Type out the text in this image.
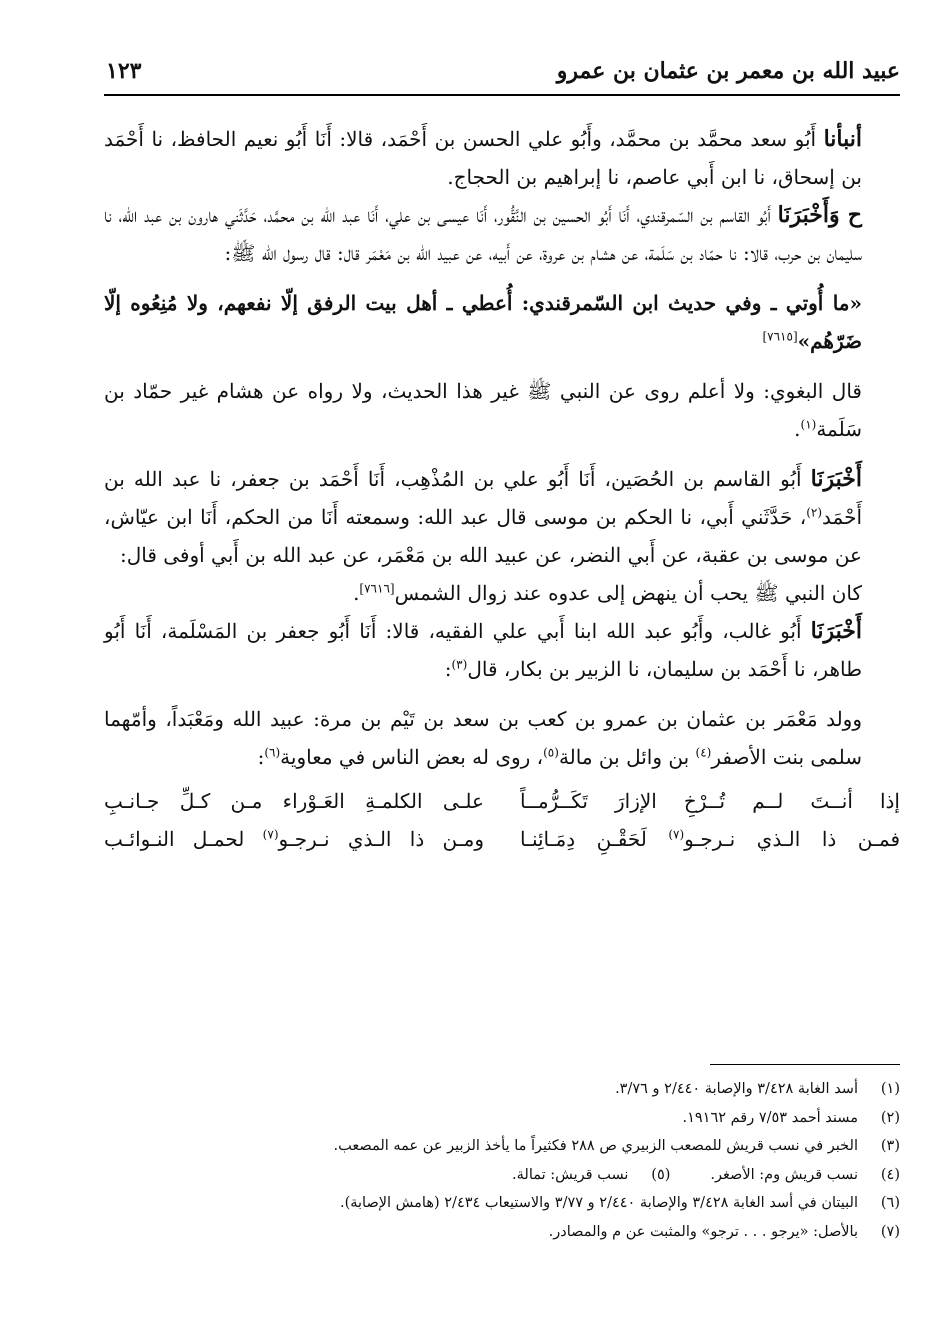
عبيد الله بن معمر بن عثمان بن عمرو
١٢٣

أنبأنا أَبُو سعد محمَّد بن محمَّد، وأَبُو علي الحسن بن أَحْمَد، قالا: أَنَا أَبُو نعيم الحافظ، نا أَحْمَد بن إسحاق، نا ابن أَبي عاصم، نا إبراهيم بن الحجاج.

ح وَأَخْبَرَنَا أَبُو القاسم بن السّمرقندي، أَنَا أَبُو الحسين بن النَّقُّور، أَنَا عيسى بن علي، أَنَا عبد الله بن محمَّد، حَدَّثَني هارون بن عبد الله، نا سليمان بن حرب، قالا: نا حمّاد بن سَلَمة، عن هشام بن عروة، عن أَبيه، عن عبيد الله بن مَعْمَر قال: قال رسول الله ﷺ:

«ما أُوتي ـ وفي حديث ابن السّمرقندي: أُعطي ـ أهل بيت الرفق إلّا نفعهم، ولا مُنِعُوه إلّا ضَرّهُم»[٧٦١٥]

قال البغوي: ولا أعلم روى عن النبي ﷺ غير هذا الحديث، ولا رواه عن هشام غير حمّاد بن سَلَمة$^{(١)}$.

أَخْبَرَنَا أَبُو القاسم بن الحُصَين، أَنَا أَبُو علي بن المُذْهِب، أَنَا أَحْمَد بن جعفر، نا عبد الله بن أَحْمَد$^{(٢)}$، حَدَّثَني أَبي، نا الحكم بن موسى قال عبد الله: وسمعته أَنَا من الحكم، أَنَا ابن عيّاش، عن موسى بن عقبة، عن أَبي النضر، عن عبيد الله بن مَعْمَر، عن عبد الله بن أَبي أوفى قال:

كان النبي ﷺ يحب أن ينهض إلى عدوه عند زوال الشمس[٧٦١٦].

أَخْبَرَنَا أَبُو غالب، وأَبُو عبد الله ابنا أَبي علي الفقيه، قالا: أَنَا أَبُو جعفر بن المَسْلَمة، أَنَا أَبُو طاهر، نا أَحْمَد بن سليمان، نا الزبير بن بكار، قال$^{(٣)}$:

وولد مَعْمَر بن عثمان بن عمرو بن كعب بن سعد بن تَيْم بن مرة: عبيد الله ومَعْبَداً، وأمّهما سلمى بنت الأصفر$^{(٤)}$ بن وائل بن مالة$^{(٥)}$، روى له بعض الناس في معاوية$^{(٦)}$:

إذا أنــتَ لــم تُــرْخِ الإزارَ تَكَــرُّمــاً
علـى الكلمـةِ العَـوْراء مـن كـلِّ جـانـبِ
فمـن ذا الـذي نـرجـو$^{(٧)}$ لَحَقْـنِ دِمَـائِنـا
ومـن ذا الـذي نـرجـو$^{(٧)}$ لحمـل النـوائـب
(١)أسد الغابة ٣/٤٢٨ والإصابة ٢/٤٤٠ و ٣/٧٦.
(٢)مسند أحمد ٧/٥٣ رقم ١٩١٦٢.
(٣)الخبر في نسب قريش للمصعب الزبيري ص ٢٨٨ فكثيراً ما يأخذ الزبير عن عمه المصعب.
(٤)نسب قريش وم: الأصغر.(٥)نسب قريش: تمالة.
(٦)البيتان في أسد الغابة ٣/٤٢٨ والإصابة ٢/٤٤٠ و ٣/٧٧ والاستيعاب ٢/٤٣٤ (هامش الإصابة).
(٧)بالأصل: «يرجو . . . ترجو» والمثبت عن م والمصادر.
